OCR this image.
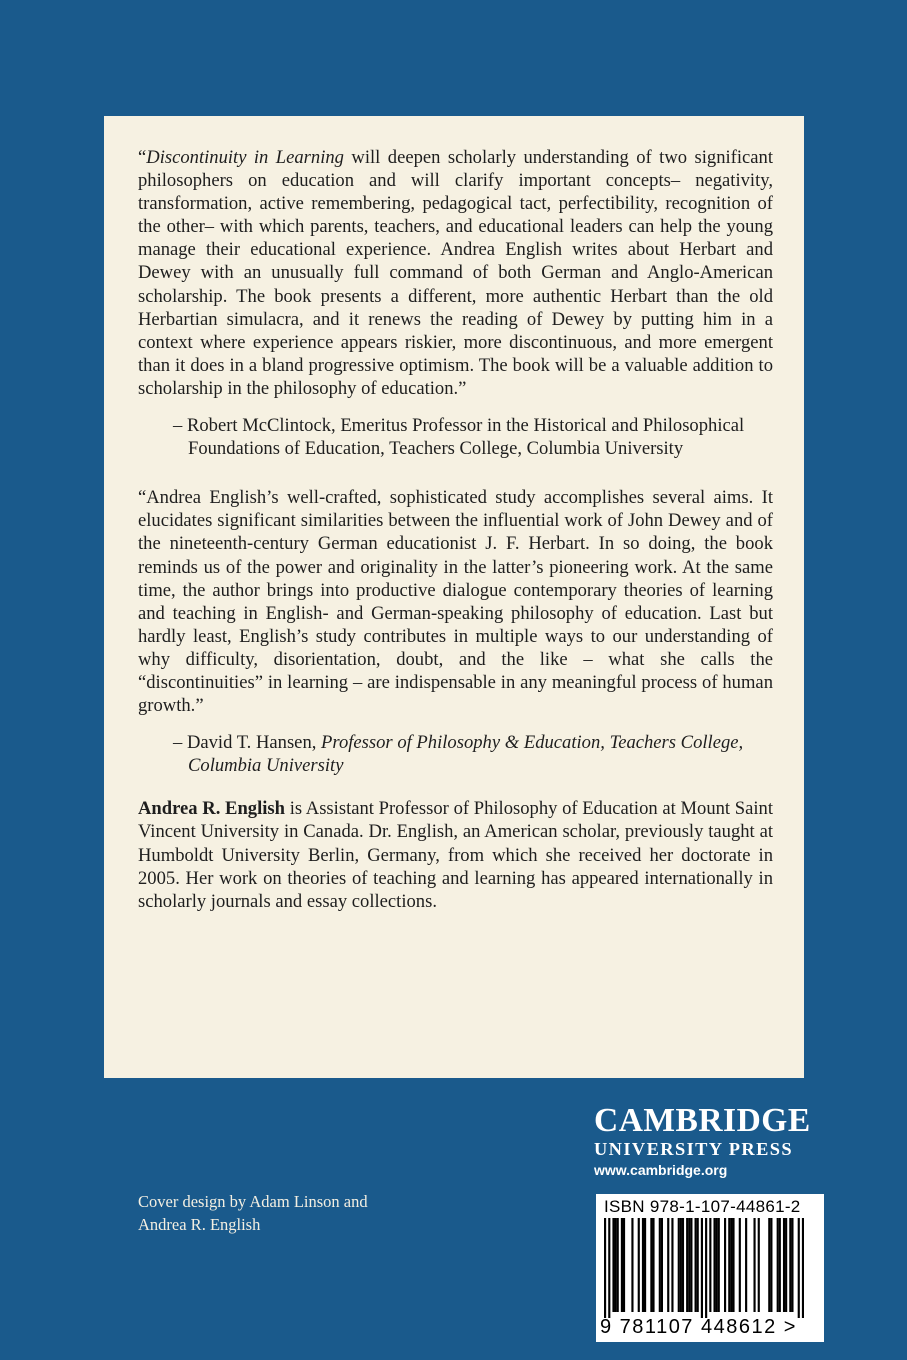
“Discontinuity in Learning will deepen scholarly understanding of two significant philosophers on education and will clarify important concepts– negativity, transformation, active remembering, pedagogical tact, perfectibility, recognition of the other– with which parents, teachers, and educational leaders can help the young manage their educational experience. Andrea English writes about Herbart and Dewey with an unusually full command of both German and Anglo-American scholarship. The book presents a different, more authentic Herbart than the old Herbartian simulacra, and it renews the reading of Dewey by putting him in a context where experience appears riskier, more discontinuous, and more emergent than it does in a bland progressive optimism. The book will be a valuable addition to scholarship in the philosophy of education.”

– Robert McClintock, Emeritus Professor in the Historical and Philosophical Foundations of Education, Teachers College, Columbia University

“Andrea English’s well-crafted, sophisticated study accomplishes several aims. It elucidates significant similarities between the influential work of John Dewey and of the nineteenth-century German educationist J. F. Herbart. In so doing, the book reminds us of the power and originality in the latter’s pioneering work. At the same time, the author brings into productive dialogue contemporary theories of learning and teaching in English- and German-speaking philosophy of education. Last but hardly least, English’s study contributes in multiple ways to our understanding of why difficulty, disorientation, doubt, and the like – what she calls the “discontinuities” in learning – are indispensable in any meaningful process of human growth.”

– David T. Hansen, Professor of Philosophy & Education, Teachers College, Columbia University

Andrea R. English is Assistant Professor of Philosophy of Education at Mount Saint Vincent University in Canada. Dr. English, an American scholar, previously taught at Humboldt University Berlin, Germany, from which she received her doctorate in 2005. Her work on theories of teaching and learning has appeared internationally in scholarly journals and essay collections.

Cover design by Adam Linson and
Andrea R. English
CAMBRIDGE
UNIVERSITY PRESS
www.cambridge.org
ISBN 978-1-107-44861-2
9 781107 448612 >
